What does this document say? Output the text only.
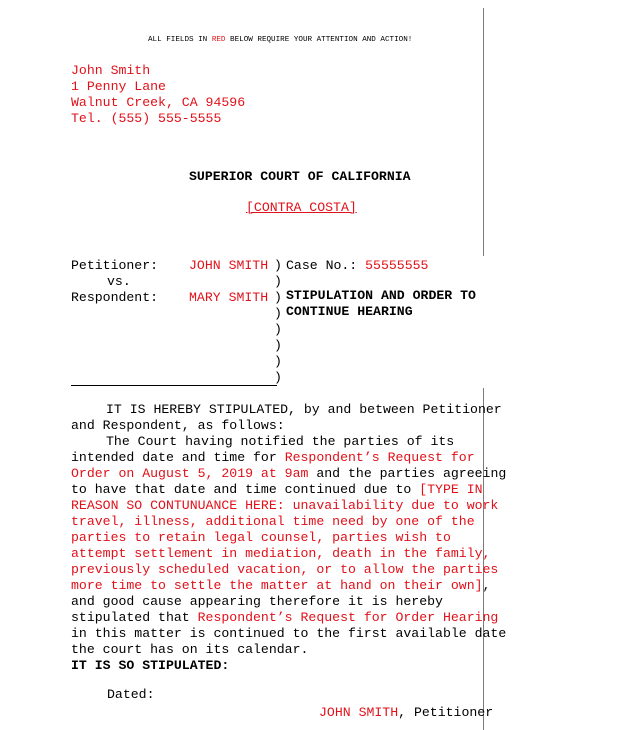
ALL FIELDS IN RED BELOW REQUIRE YOUR ATTENTION AND ACTION!
John Smith
1 Penny Lane
Walnut Creek, CA 94596
Tel. (555) 555-5555
SUPERIOR COURT OF CALIFORNIA
[CONTRA COSTA]
Petitioner: JOHN SMITH
vs.
Respondent: MARY SMITH
)
)
)
)
)
)
)
)
Case No.: 55555555
STIPULATION AND ORDER TO
CONTINUE HEARING
IT IS HEREBY STIPULATED, by and between Petitioner
and Respondent, as follows:
The Court having notified the parties of its
intended date and time for Respondent’s Request for
Order on August 5, 2019 at 9am and the parties agreeing
to have that date and time continued due to [TYPE IN
REASON SO CONTUNUANCE HERE: unavailability due to work
travel, illness, additional time need by one of the
parties to retain legal counsel, parties wish to
attempt settlement in mediation, death in the family,
previously scheduled vacation, or to allow the parties
more time to settle the matter at hand on their own],
and good cause appearing therefore it is hereby
stipulated that Respondent’s Request for Order Hearing
in this matter is continued to the first available date
the court has on its calendar.
IT IS SO STIPULATED:
Dated:
JOHN SMITH, Petitioner
